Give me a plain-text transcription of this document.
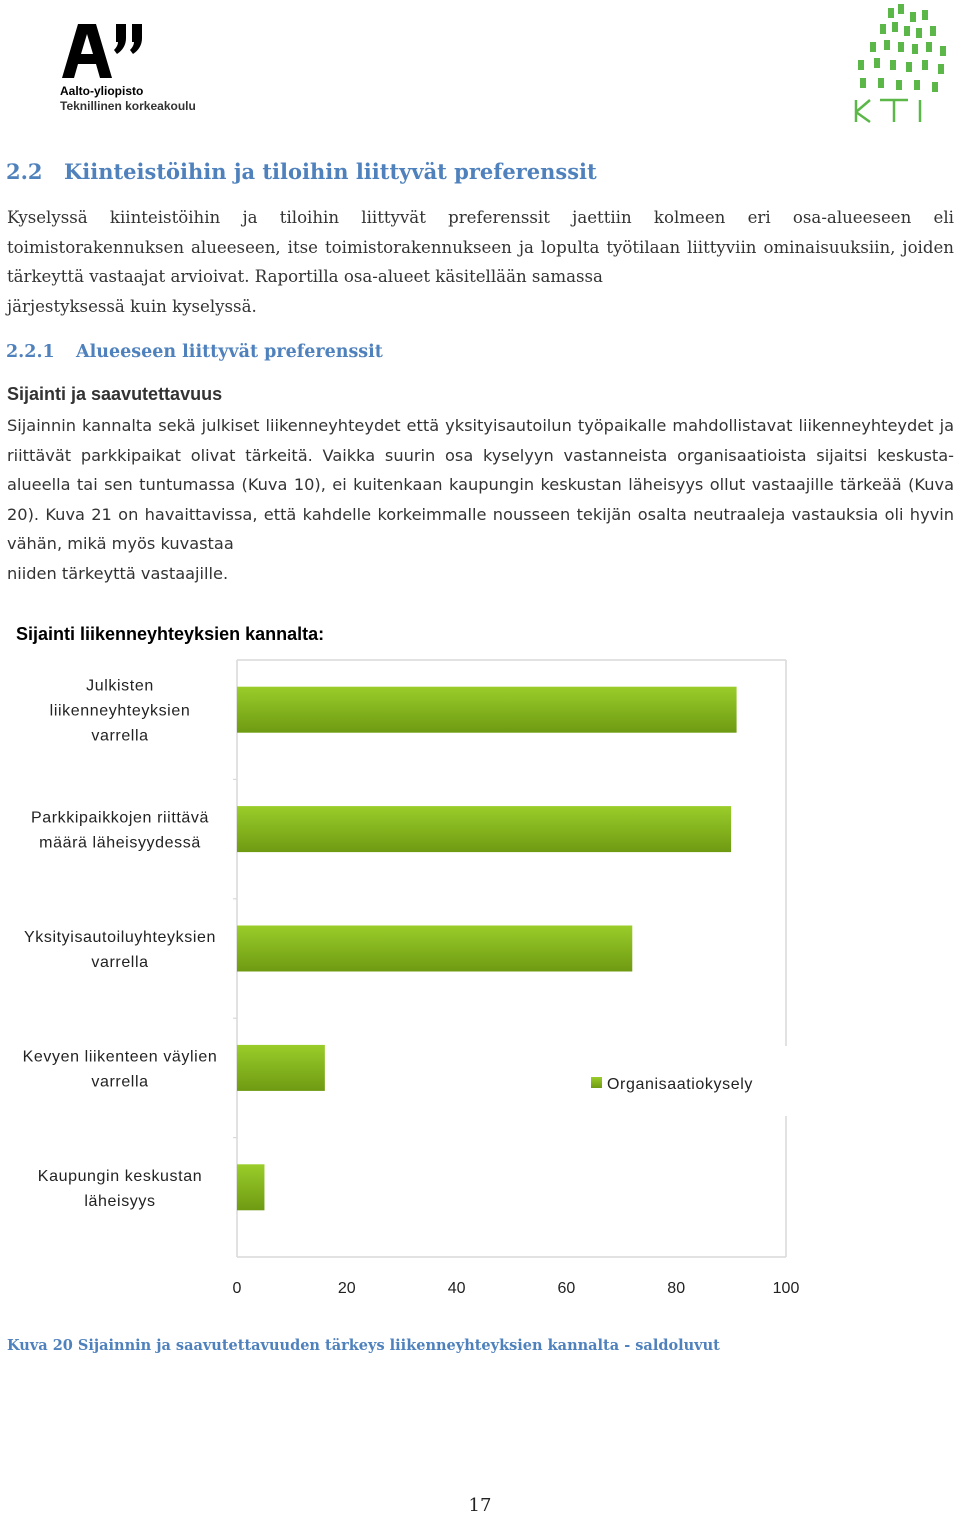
Aalto-yliopisto
Teknillinen korkeakoulu
2.2 Kiinteistöihin ja tiloihin liittyvät preferenssit

Kyselyssä kiinteistöihin ja tiloihin liittyvät preferenssit jaettiin kolmeen eri osa-alueeseen eli toimistorakennuksen alueeseen, itse toimistorakennukseen ja lopulta työtilaan liittyviin ominaisuuksiin, joiden tärkeyttä vastaajat arvioivat. Raportilla osa-alueet käsitellään samassa

järjestyksessä kuin kyselyssä.

2.2.1 Alueeseen liittyvät preferenssit
Sijainti ja saavutettavuus

Sijainnin kannalta sekä julkiset liikenneyhteydet että yksityisautoilun työpaikalle mahdollistavat liikenneyhteydet ja riittävät parkkipaikat olivat tärkeitä. Vaikka suurin osa kyselyyn vastanneista organisaatioista sijaitsi keskusta-alueella tai sen tuntumassa (Kuva 10), ei kuitenkaan kaupungin keskustan läheisyys ollut vastaajille tärkeää (Kuva 20). Kuva 21 on havaittavissa, että kahdelle korkeimmalle nousseen tekijän osalta neutraaleja vastauksia oli hyvin vähän, mikä myös kuvastaa
niiden tärkeyttä vastaajille.

Sijainti liikenneyhteyksien kannalta:
Julkisten liikenneyhteyksien varrella
Parkkipaikkojen riittävä määrä läheisyydessä
Yksityisautoiluyhteyksien varrella
Kevyen liikenteen väylien varrella
Kaupungin keskustan läheisyys
0	20	40	60	80	100
Organisaatiokysely
Kuva 20 Sijainnin ja saavutettavuuden tärkeys liikenneyhteyksien kannalta - saldoluvut
17
